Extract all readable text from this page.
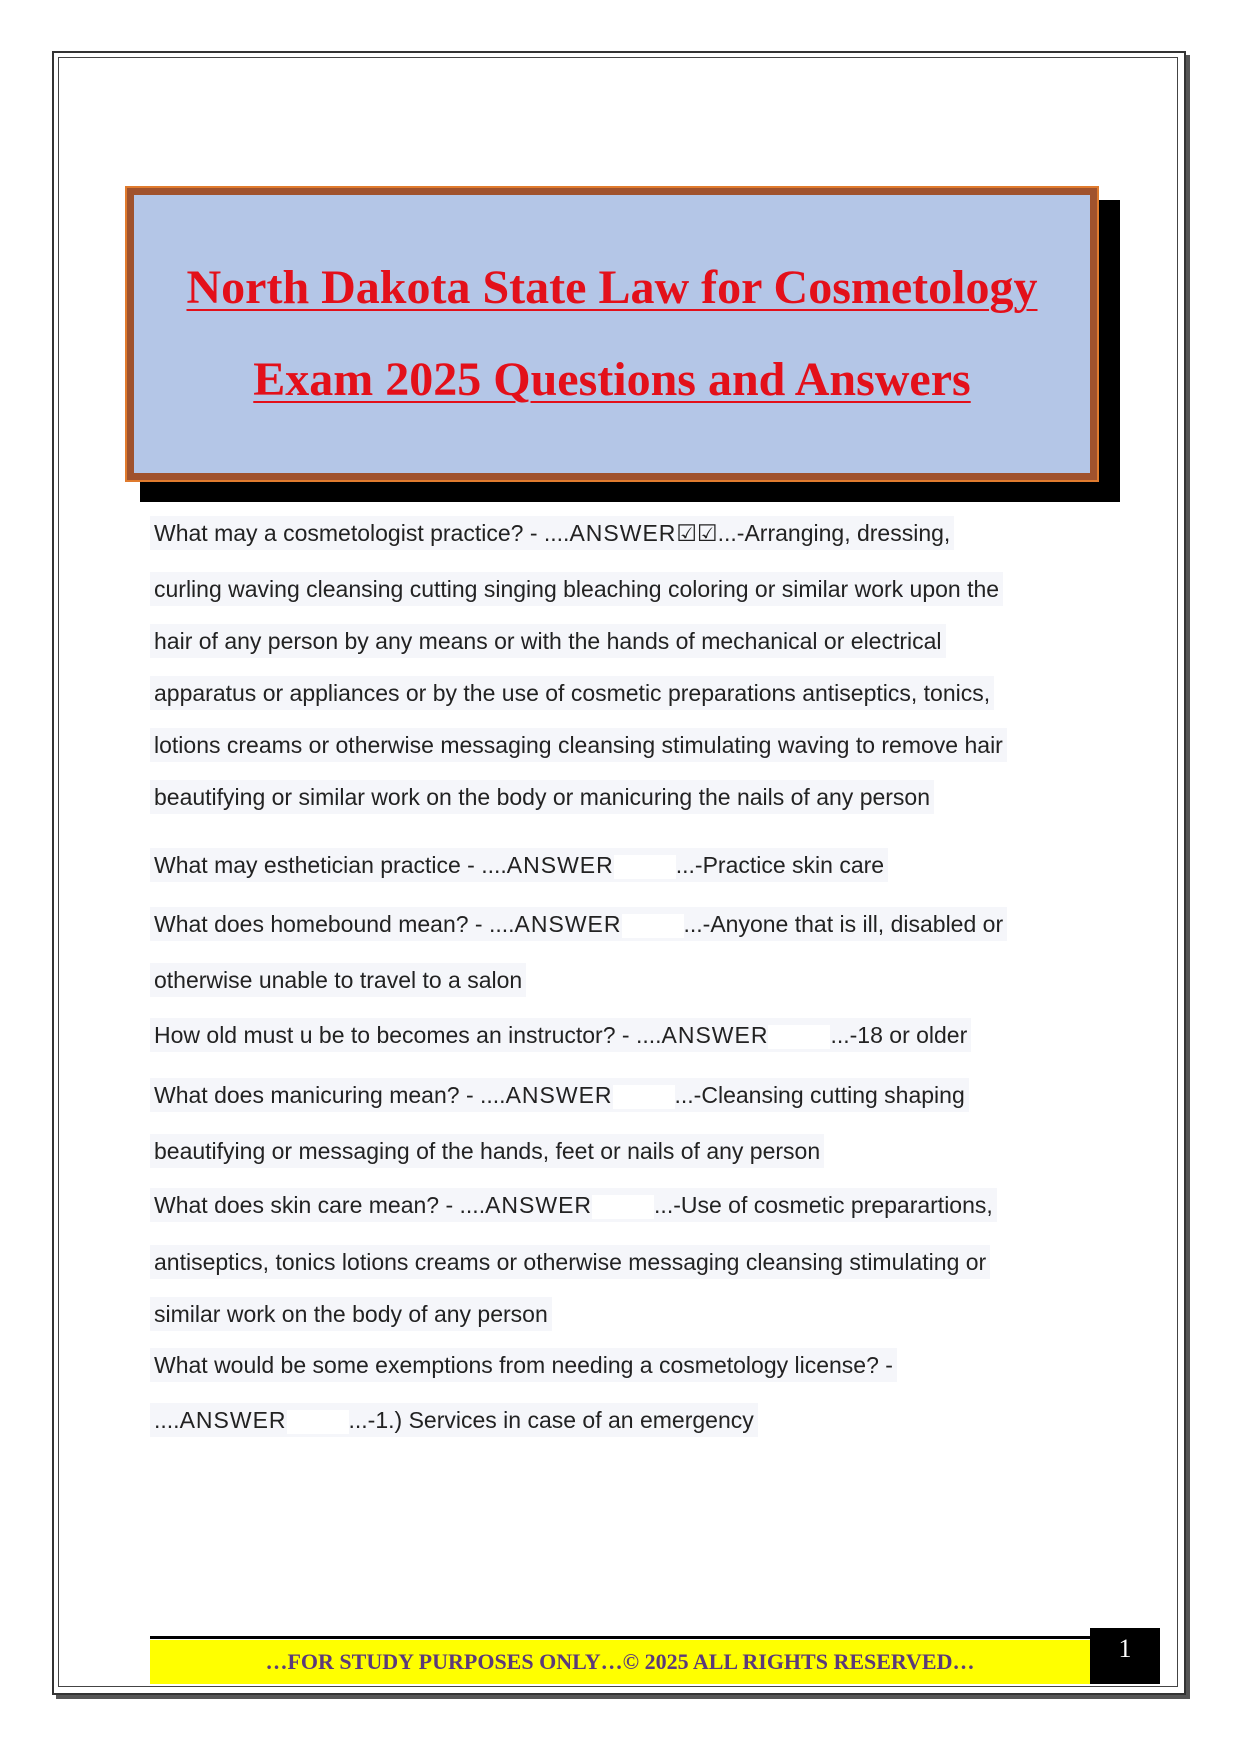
North Dakota State Law for Cosmetology Exam 2025 Questions and Answers
What may a cosmetologist practice? - ....ANSWER☑☑...-Arranging, dressing,
curling waving cleansing cutting singing bleaching coloring or similar work upon the
hair of any person by any means or with the hands of mechanical or electrical
apparatus or appliances or by the use of cosmetic preparations antiseptics, tonics,
lotions creams or otherwise messaging cleansing stimulating waving to remove hair
beautifying or similar work on the body or manicuring the nails of any person
What may esthetician practice - ....ANSWER	...-Practice skin care
What does homebound mean? - ....ANSWER	...-Anyone that is ill, disabled or
otherwise unable to travel to a salon
How old must u be to becomes an instructor? - ....ANSWER	...-18 or older
What does manicuring mean? - ....ANSWER	...-Cleansing cutting shaping
beautifying or messaging of the hands, feet or nails of any person
What does skin care mean? - ....ANSWER	...-Use of cosmetic preparartions,
antiseptics, tonics lotions creams or otherwise messaging cleansing stimulating or
similar work on the body of any person
What would be some exemptions from needing a cosmetology license? -
....ANSWER	...-1.) Services in case of an emergency
…FOR STUDY PURPOSES ONLY…© 2025 ALL RIGHTS RESERVED…	1
